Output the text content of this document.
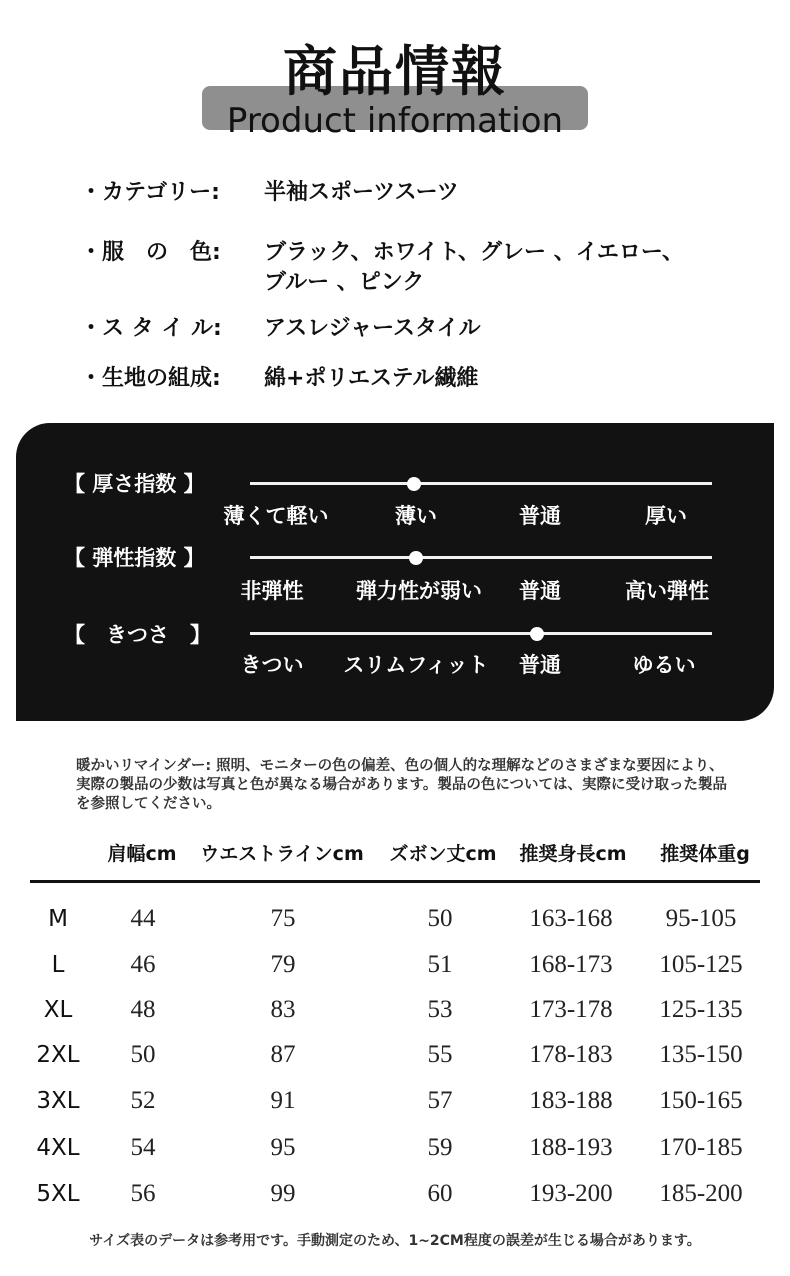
商品情報
Product information
・カテゴリー: 半袖スポーツスーツ
・服　の　色: ブラック、ホワイト、グレー 、イエロー、
ブルー 、ピンク
・ス タ イ ル: アスレジャースタイル
・生地の組成: 綿+ポリエステル繊維
【 厚さ指数 】
薄くて軽い	薄い	普通	厚い
【 弾性指数 】
非弾性	弾力性が弱い 普通	高い弾性
【　きつさ　】
きつい スリムフィット 普通	ゆるい
暖かいリマインダー: 照明、モニターの色の偏差、色の個人的な理解などのさまざまな要因により、実際の製品の少数は写真と色が異なる場合があります。製品の色については、実際に受け取った製品を参照してください。
肩幅cm ウエストラインcm ズボン丈cm 推奨身長cm 推奨体重g
M	44	75	50	163-168 95-105
L	46	79	51	168-173 105-125
XL 48	83	53	173-178 125-135
2XL 50	87	55	178-183 135-150
3XL 52	91	57	183-188 150-165
4XL 54	95	59	188-193 170-185
5XL 56	99	60	193-200 185-200
サイズ表のデータは参考用です。手動測定のため、1~2CM程度の誤差が生じる場合があります。
